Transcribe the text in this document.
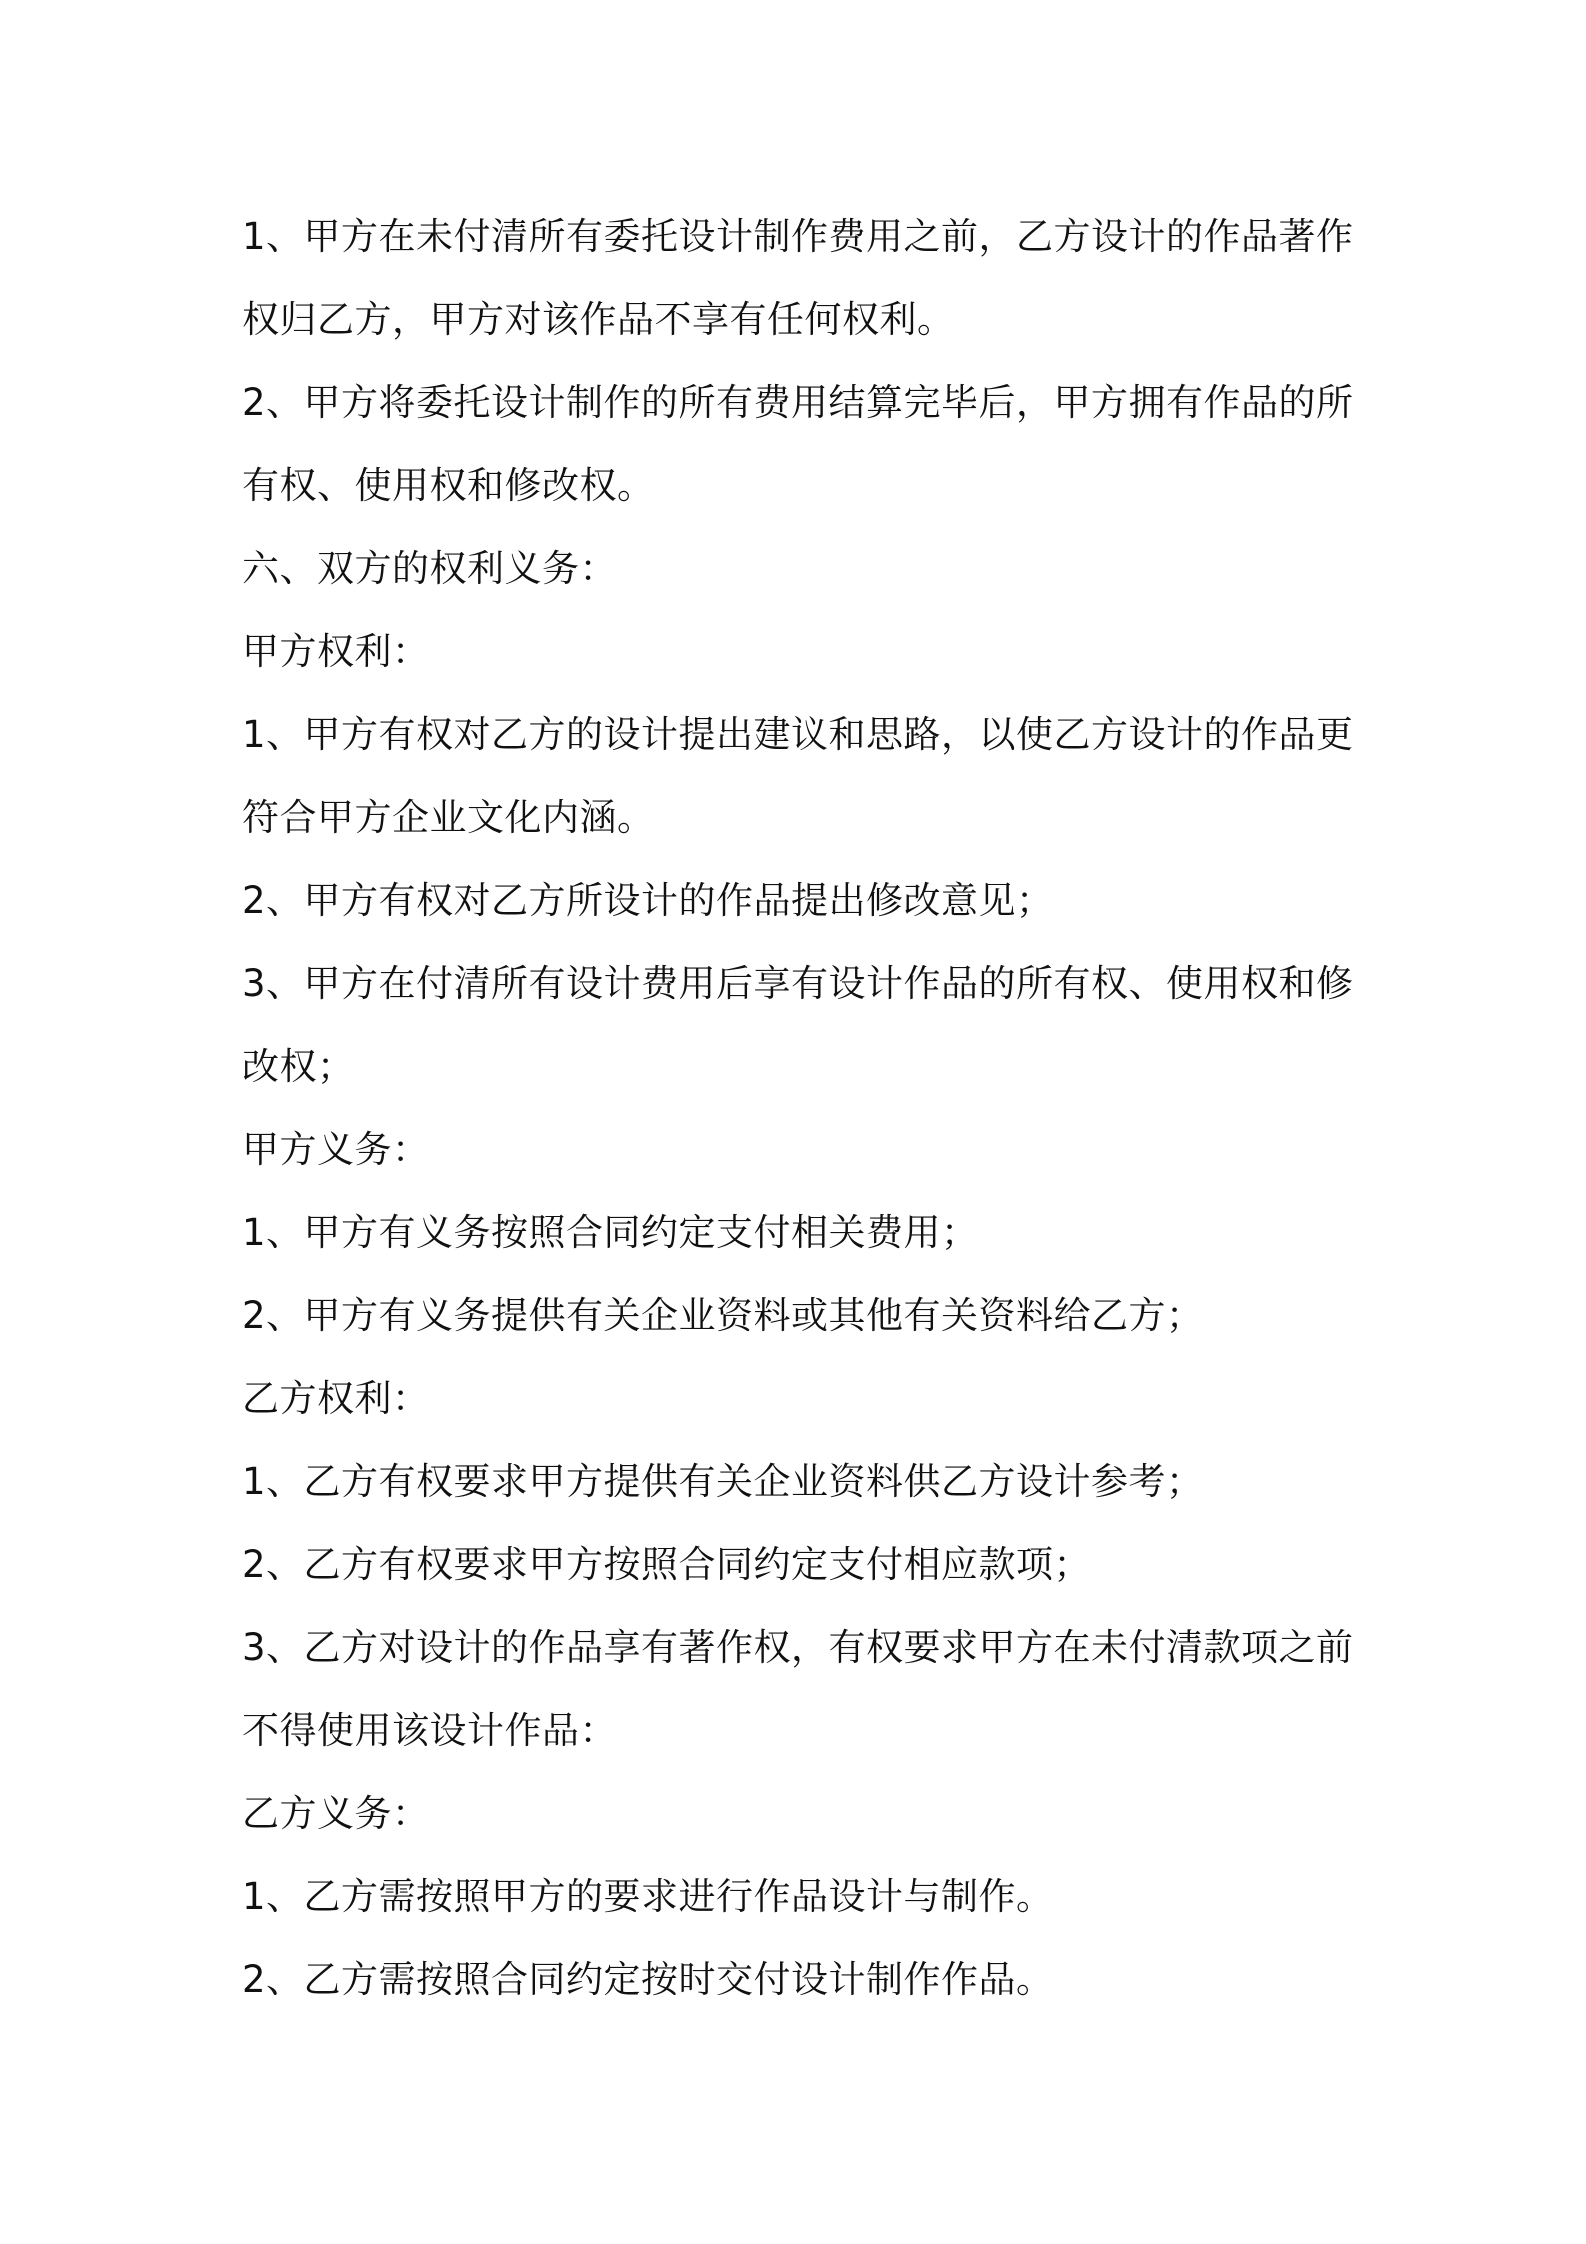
1、甲方在未付清所有委托设计制作费用之前，乙方设计的作品著作
权归乙方，甲方对该作品不享有任何权利。
2、甲方将委托设计制作的所有费用结算完毕后，甲方拥有作品的所
有权、使用权和修改权。
六、双方的权利义务：
甲方权利：
1、甲方有权对乙方的设计提出建议和思路，以使乙方设计的作品更
符合甲方企业文化内涵。
2、甲方有权对乙方所设计的作品提出修改意见；
3、甲方在付清所有设计费用后享有设计作品的所有权、使用权和修
改权；
甲方义务：
1、甲方有义务按照合同约定支付相关费用；
2、甲方有义务提供有关企业资料或其他有关资料给乙方；
乙方权利：
1、乙方有权要求甲方提供有关企业资料供乙方设计参考；
2、乙方有权要求甲方按照合同约定支付相应款项；
3、乙方对设计的作品享有著作权，有权要求甲方在未付清款项之前
不得使用该设计作品：
乙方义务：
1、乙方需按照甲方的要求进行作品设计与制作。
2、乙方需按照合同约定按时交付设计制作作品。
